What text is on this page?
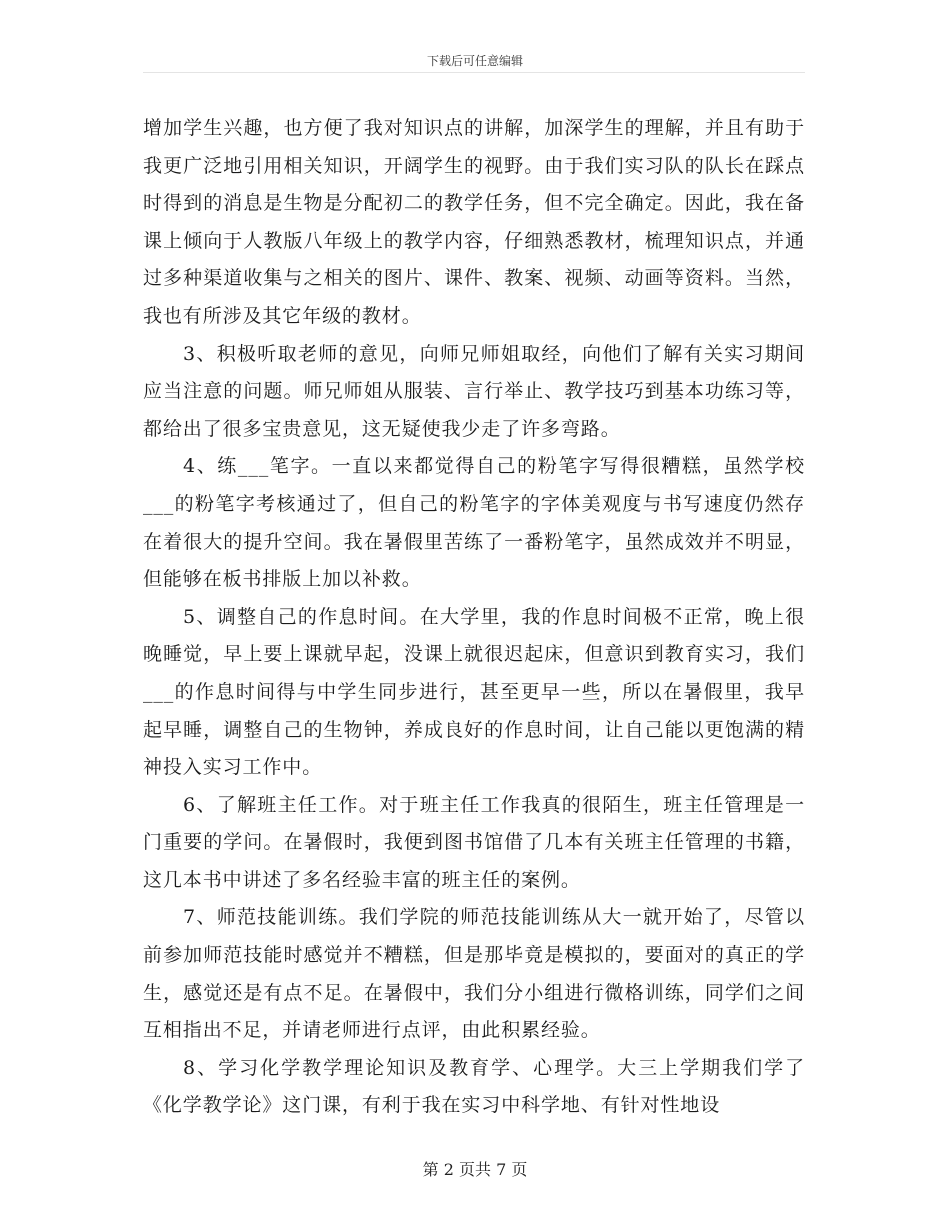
下载后可任意编辑

增加学生兴趣，也方便了我对知识点的讲解，加深学生的理解，并且有助于我更广泛地引用相关知识，开阔学生的视野。由于我们实习队的队长在踩点时得到的消息是生物是分配初二的教学任务，但不完全确定。因此，我在备课上倾向于人教版八年级上的教学内容，仔细熟悉教材，梳理知识点，并通过多种渠道收集与之相关的图片、课件、教案、视频、动画等资料。当然，我也有所涉及其它年级的教材。

3、积极听取老师的意见，向师兄师姐取经，向他们了解有关实习期间应当注意的问题。师兄师姐从服装、言行举止、教学技巧到基本功练习等，都给出了很多宝贵意见，这无疑使我少走了许多弯路。

4、练___笔字。一直以来都觉得自己的粉笔字写得很糟糕，虽然学校___的粉笔字考核通过了，但自己的粉笔字的字体美观度与书写速度仍然存在着很大的提升空间。我在暑假里苦练了一番粉笔字，虽然成效并不明显，但能够在板书排版上加以补救。

5、调整自己的作息时间。在大学里，我的作息时间极不正常，晚上很晚睡觉，早上要上课就早起，没课上就很迟起床，但意识到教育实习，我们___的作息时间得与中学生同步进行，甚至更早一些，所以在暑假里，我早起早睡，调整自己的生物钟，养成良好的作息时间，让自己能以更饱满的精神投入实习工作中。

6、了解班主任工作。对于班主任工作我真的很陌生，班主任管理是一门重要的学问。在暑假时，我便到图书馆借了几本有关班主任管理的书籍，这几本书中讲述了多名经验丰富的班主任的案例。

7、师范技能训练。我们学院的师范技能训练从大一就开始了，尽管以前参加师范技能时感觉并不糟糕，但是那毕竟是模拟的，要面对的真正的学生，感觉还是有点不足。在暑假中，我们分小组进行微格训练，同学们之间互相指出不足，并请老师进行点评，由此积累经验。

8、学习化学教学理论知识及教育学、心理学。大三上学期我们学了《化学教学论》这门课，有利于我在实习中科学地、有针对性地设

第 2 页共 7 页
